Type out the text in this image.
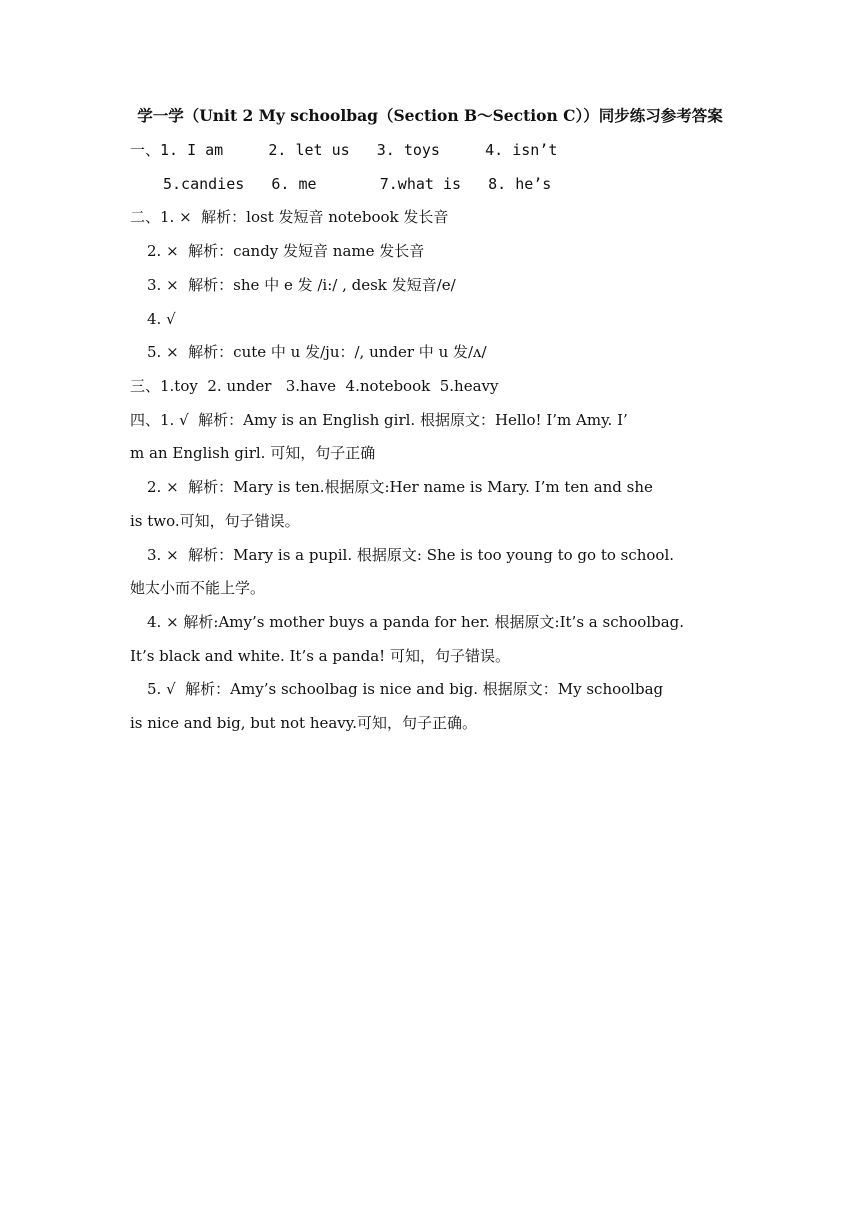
学一学（Unit 2 My schoolbag（Section B～Section C））同步练习参考答案
一、1. I am     2. let us   3. toys     4. isn’t
5.candies   6. me       7.what is   8. he’s
二、1. ×  解析：lost 发短音 notebook 发长音
2. ×  解析：candy 发短音 name 发长音
3. ×  解析：she 中 e 发 /i:/ , desk 发短音/e/
4. √
5. ×  解析：cute 中 u 发/ju：/, under 中 u 发/ʌ/
三、1.toy  2. under   3.have  4.notebook  5.heavy
四、1. √  解析：Amy is an English girl. 根据原文：Hello! I’m Amy. I’
m an English girl. 可知，句子正确
2. ×  解析：Mary is ten.根据原文:Her name is Mary. I’m ten and she
is two.可知，句子错误。
3. ×  解析：Mary is a pupil. 根据原文: She is too young to go to school.
她太小而不能上学。
4. × 解析:Amy’s mother buys a panda for her. 根据原文:It’s a schoolbag.
It’s black and white. It’s a panda! 可知，句子错误。
5. √  解析：Amy’s schoolbag is nice and big. 根据原文：My schoolbag
is nice and big, but not heavy.可知，句子正确。
